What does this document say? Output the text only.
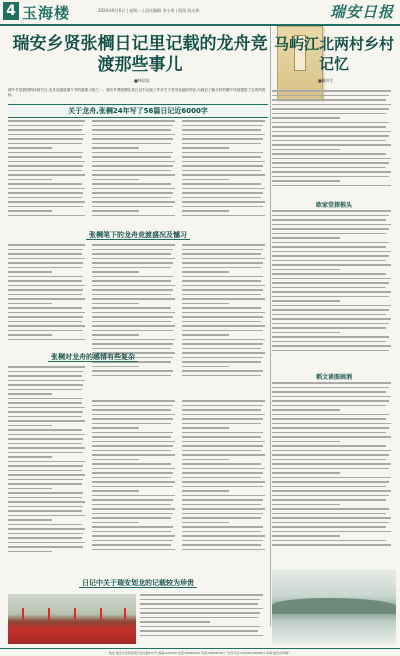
4 玉海楼	2024年6月6日 | 星期一 | 责任编辑 李小彤 | 版面 陈永和	瑞安日报
瑞安乡贤张棡日记里记载的龙舟竞渡那些事儿
■林依依
马屿江北两村乡村记忆
■戴叶生
端午节是我国的传统节日,龙舟竞渡是端午节的重要习俗之一。瑞安乡贤张棡在其日记中记载了许多关于龙舟竞渡的内容,为我们了解当时的端午风俗提供了宝贵的资料。
关于龙舟,张棡24年写了56篇日记近6000字
张棡笔下的龙舟竞渡盛况及憾习
张棡对龙舟的感情有些复杂
日记中关于瑞安划龙的记载较为珍贵
欧家堂探根头
稻文谈图画酒
地址:瑞安市安阳街道万松东路137号 邮编:325200 电话:66856700 传真:66856700 广告许可证:3303814000007 印刷:瑞安市印刷厂
